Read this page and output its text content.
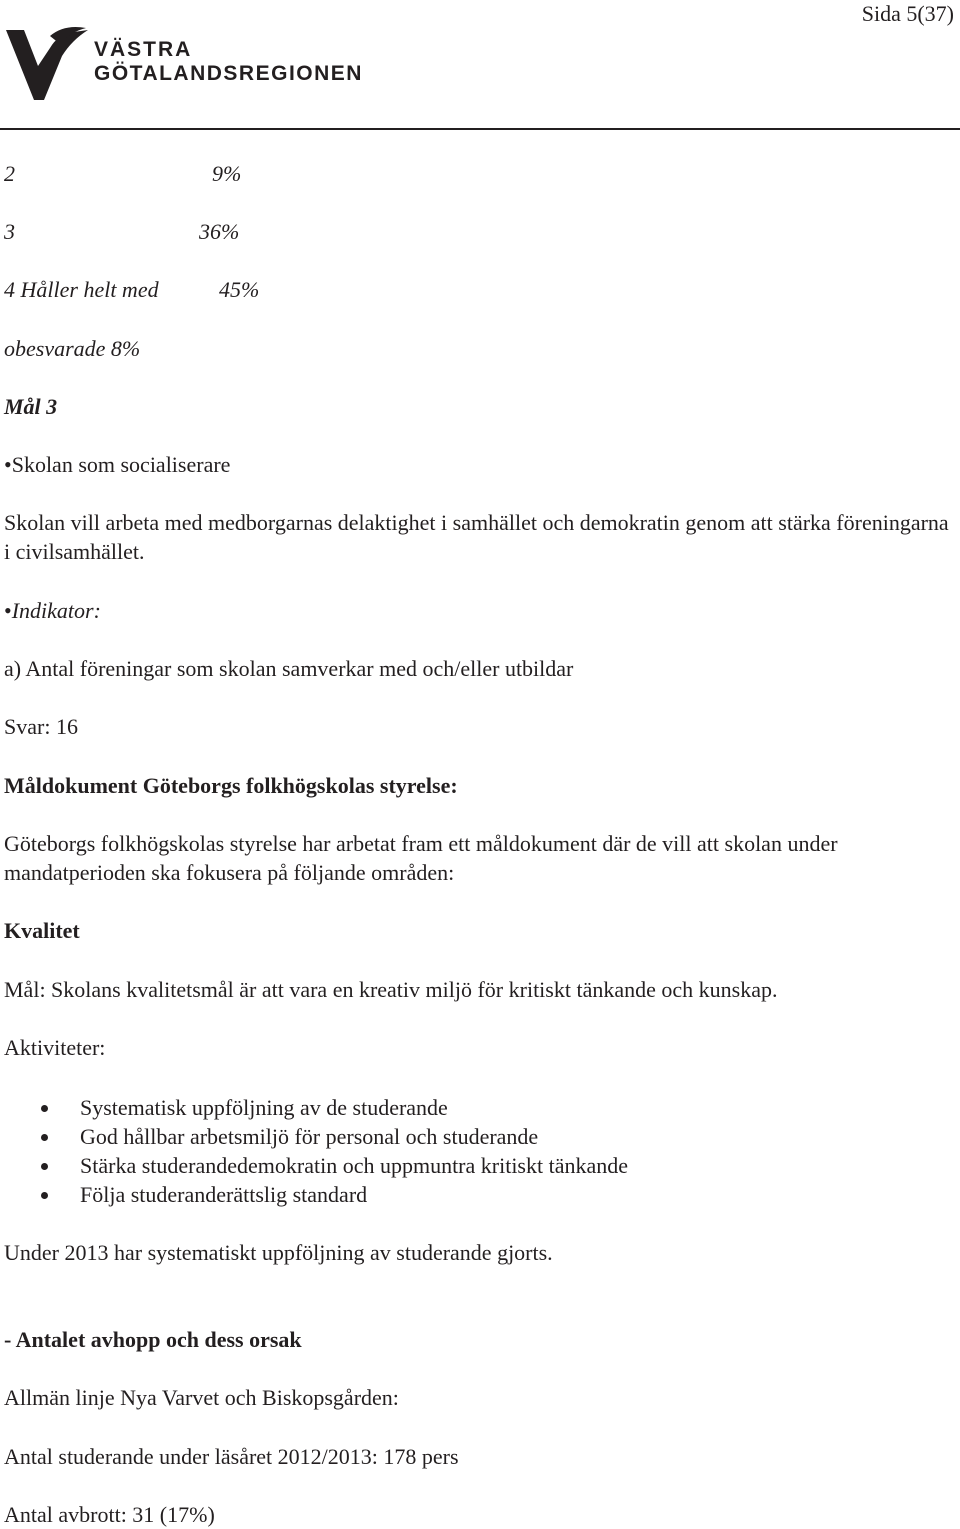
Sida 5(37)
VÄSTRA
GÖTALANDSREGIONEN
2	9%
3	36%
4 Håller helt med	45%
obesvarade 8%
Mål 3
•Skolan som socialiserare
Skolan vill arbeta med medborgarnas delaktighet i samhället och demokratin genom att stärka föreningarna i civilsamhället.
•Indikator:
a) Antal föreningar som skolan samverkar med och/eller utbildar
Svar: 16
Måldokument Göteborgs folkhögskolas styrelse:
Göteborgs folkhögskolas styrelse har arbetat fram ett måldokument där de vill att skolan under mandatperioden ska fokusera på följande områden:
Kvalitet
Mål: Skolans kvalitetsmål är att vara en kreativ miljö för kritiskt tänkande och kunskap.
Aktiviteter:
Systematisk uppföljning av de studerande
God hållbar arbetsmiljö för personal och studerande
Stärka studerandedemokratin och uppmuntra kritiskt tänkande
Följa studeranderättslig standard
Under 2013 har systematiskt uppföljning av studerande gjorts.
- Antalet avhopp och dess orsak
Allmän linje Nya Varvet och Biskopsgården:
Antal studerande under läsåret 2012/2013: 178 pers
Antal avbrott: 31 (17%)
